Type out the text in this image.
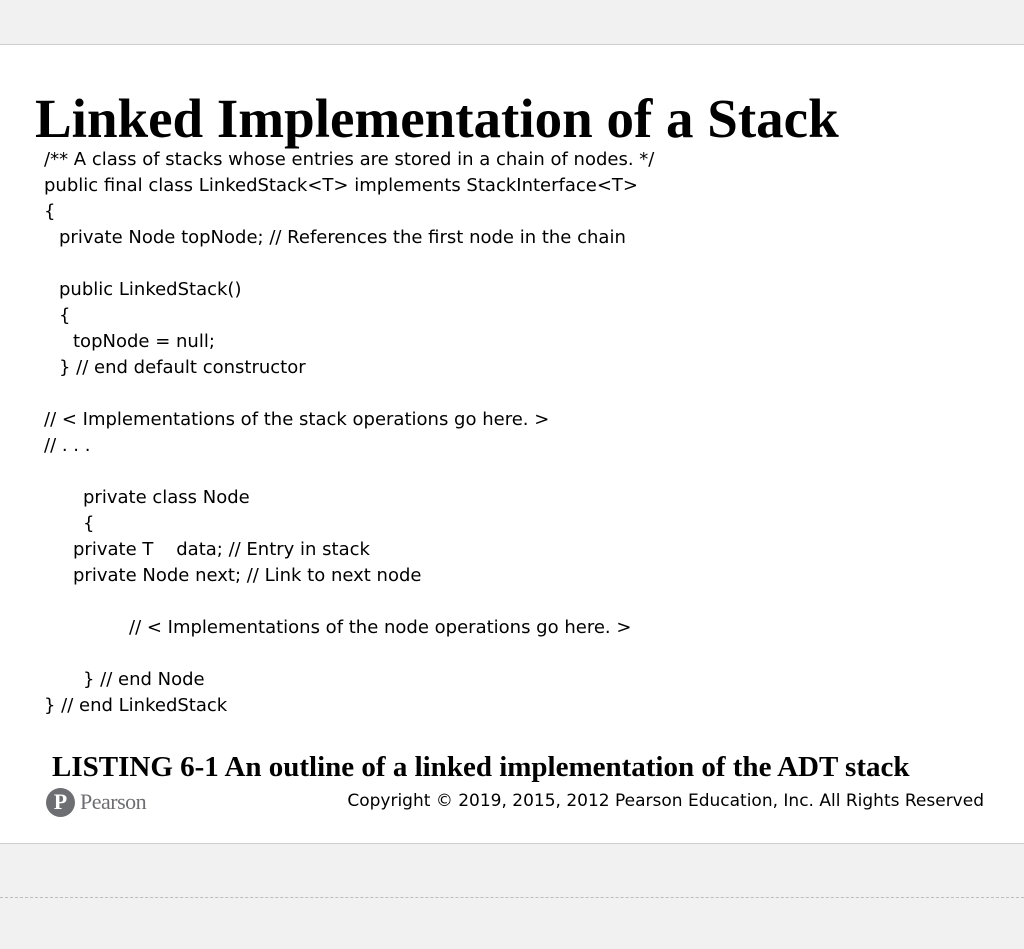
Linked Implementation of a Stack
/** A class of stacks whose entries are stored in a chain of nodes. */
public final class LinkedStack<T> implements StackInterface<T>
{
private Node topNode; // References the first node in the chain
public LinkedStack()
{
topNode = null;
} // end default constructor
// < Implementations of the stack operations go here. >
// . . .
private class Node
{
private T    data; // Entry in stack
private Node next; // Link to next node
// < Implementations of the node operations go here. >
} // end Node
} // end LinkedStack
LISTING 6-1 An outline of a linked implementation of the ADT stack
P Pearson	Copyright © 2019, 2015, 2012 Pearson Education, Inc. All Rights Reserved
